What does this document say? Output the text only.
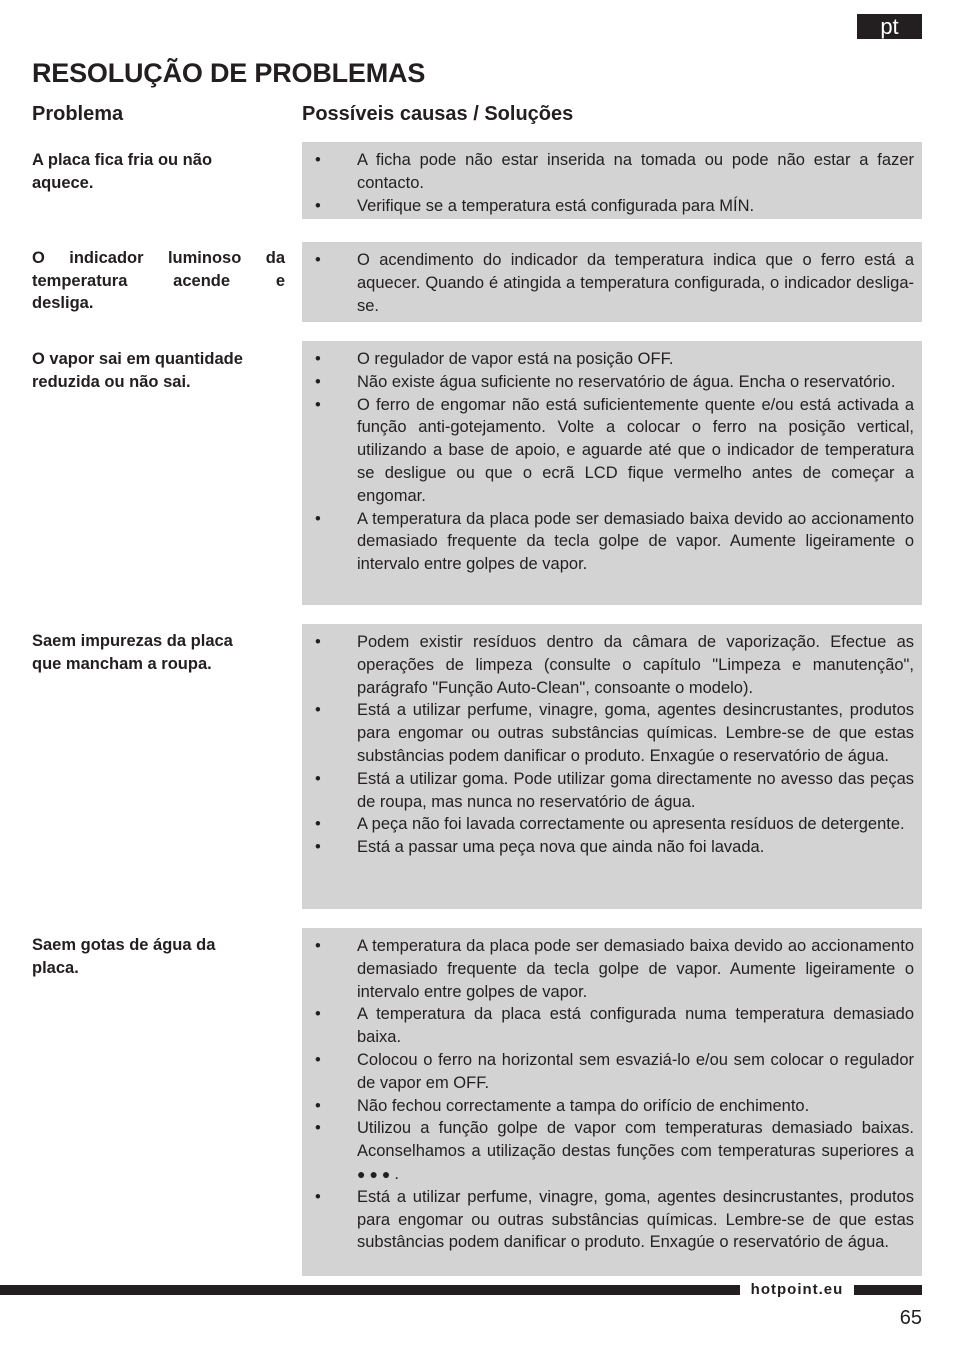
pt
RESOLUÇÃO DE PROBLEMAS
Problema	Possíveis causas / Soluções
A placa fica fria ou não
aquece.
•	A ficha pode não estar inserida na tomada ou pode não estar a fazer contacto.
•	Verifique se a temperatura está configurada para MÍN.
O indicador luminoso da temperatura acende e
desliga.
•	O acendimento do indicador da temperatura indica que o ferro está a aquecer. Quando é atingida a temperatura configurada, o indicador desliga-se.
O vapor sai em quantidade
reduzida ou não sai.
•	O regulador de vapor está na posição OFF.
•	Não existe água suficiente no reservatório de água. Encha o reservatório.
•	O ferro de engomar não está suficientemente quente e/ou está activada a função anti-gotejamento. Volte a colocar o ferro na posição vertical, utilizando a base de apoio, e aguarde até que o indicador de temperatura se desligue ou que o ecrã LCD fique vermelho antes de começar a engomar.
•	A temperatura da placa pode ser demasiado baixa devido ao accionamento demasiado frequente da tecla golpe de vapor. Aumente ligeiramente o intervalo entre golpes de vapor.
Saem impurezas da placa
que mancham a roupa.
•	Podem existir resíduos dentro da câmara de vaporização. Efectue as operações de limpeza (consulte o capítulo "Limpeza e manutenção", parágrafo "Função Auto-Clean", consoante o modelo).
•	Está a utilizar perfume, vinagre, goma, agentes desincrustantes, produtos para engomar ou outras substâncias químicas. Lembre-se de que estas substâncias podem danificar o produto. Enxagúe o reservatório de água.
•	Está a utilizar goma. Pode utilizar goma directamente no avesso das peças de roupa, mas nunca no reservatório de água.
•	A peça não foi lavada correctamente ou apresenta resíduos de detergente.
•	Está a passar uma peça nova que ainda não foi lavada.
Saem gotas de água da
placa.
•	A temperatura da placa pode ser demasiado baixa devido ao accionamento demasiado frequente da tecla golpe de vapor. Aumente ligeiramente o intervalo entre golpes de vapor.
•	A temperatura da placa está configurada numa temperatura demasiado baixa.
•	Colocou o ferro na horizontal sem esvaziá-lo e/ou sem colocar o regulador de vapor em OFF.
•	Não fechou correctamente a tampa do orifício de enchimento.
•	Utilizou a função golpe de vapor com temperaturas demasiado baixas. Aconselhamos a utilização destas funções com temperaturas superiores a ●●●.
•	Está a utilizar perfume, vinagre, goma, agentes desincrustantes, produtos para engomar ou outras substâncias químicas. Lembre-se de que estas substâncias podem danificar o produto. Enxagúe o reservatório de água.
hotpoint.eu
65
